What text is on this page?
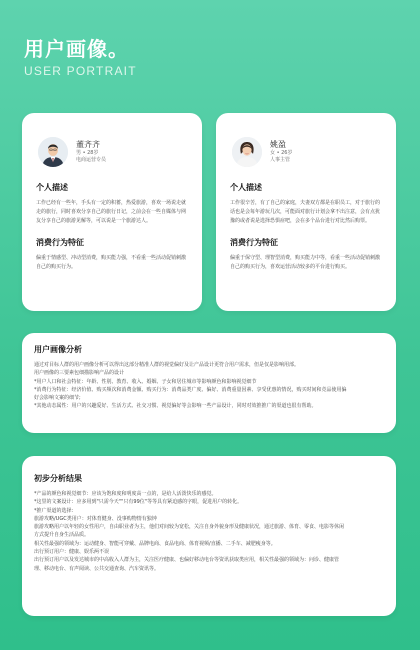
用户画像。
USER PORTRAIT
董齐齐
男 • 28岁
电商运营专员
个人描述
工作已经有一些年，手头有一定的积蓄，热爱旅游，喜欢一场说走就走的旅行，同时喜欢分享自己的旅行日记，之前会在一些自媒体与网友分享自己的旅游见解等，可以说是一个旅游达人。
消费行为特征
偏重于情感型、冲动型消费，购买能力强，不看重一些活动促销刺激自己的购买行为。
姚盈
女 • 26岁
人事主管
个人描述
工作很辛苦，有了自己的家庭，夫妻双方都是在职员工，对于旅行的话也是会每年游玩几次，可能面对旅行计划会拿不出注意，会有点犹豫的或者说是选择恐惧症吧，会在多个品台进行对比然后购票。
消费行为特征
偏重于保守型、理智型消费，购买能力中等，看重一些活动促销刺激自己的购买行为，喜欢运营活动较多的平台进行购买。
用户画像分析
通过对目标人群的用户画像分析可以得出这部分精准人群的视觉偏好及让产品设计更符合用户需求，但是仅是影响用部。
用户画像的三要素包细描影响产品的设计
*用户人口和社会特征：年龄、性别、教育、收入、婚姻、子女和居住城市等影响颜色和影响视觉细节
*消费行为特征：经济价值、购买频次和消费金额、购买行为：消费品类广度、偏好、消费重量因素、享受优惠的情况，购买时间和竞品使用偏
好会影响文案的细节;
*其他动态属性：用户的兴趣爱好、生活方式、社交习惯、视觉偏好等会影响一些产品设计，同时对效推推广的渠道也很有帮助。
初步分析结果
*产品的颜色和视觉细节：应该为饱和度和明度高一点的，是给人活泼快乐的感觉。
*这里的文案设计：应多用到"只需今天""只有99位"等等具有紧迫感的字眼，促进用户的转化。
*推广渠道的选择：
旅游攻略/UGC类用户：对体育健身、没事购物情有独钟
旅游攻略用户以年轻的女性用户，自由职业者为主，他们对间较为宽松，关注自身外貌身形及健康状况，通过旅游、体育、零食、电影等休闲
方式提升自身生活品质。
相关性最强的领域为：运动健身、智能可穿戴、品牌电商、食品电商、体育视频/直播、二手车、减肥瘦身等。
出行预订用户：健康、娱乐两不误
出行预订用户以及发达城市的中高收入人群为主，关注医疗健康、也偏好移动电台等资讯获取类应用，相关性最强的领域为：问诊、健康管
理、移动电台、有声阅读、公共交通查询、汽车资讯等。
